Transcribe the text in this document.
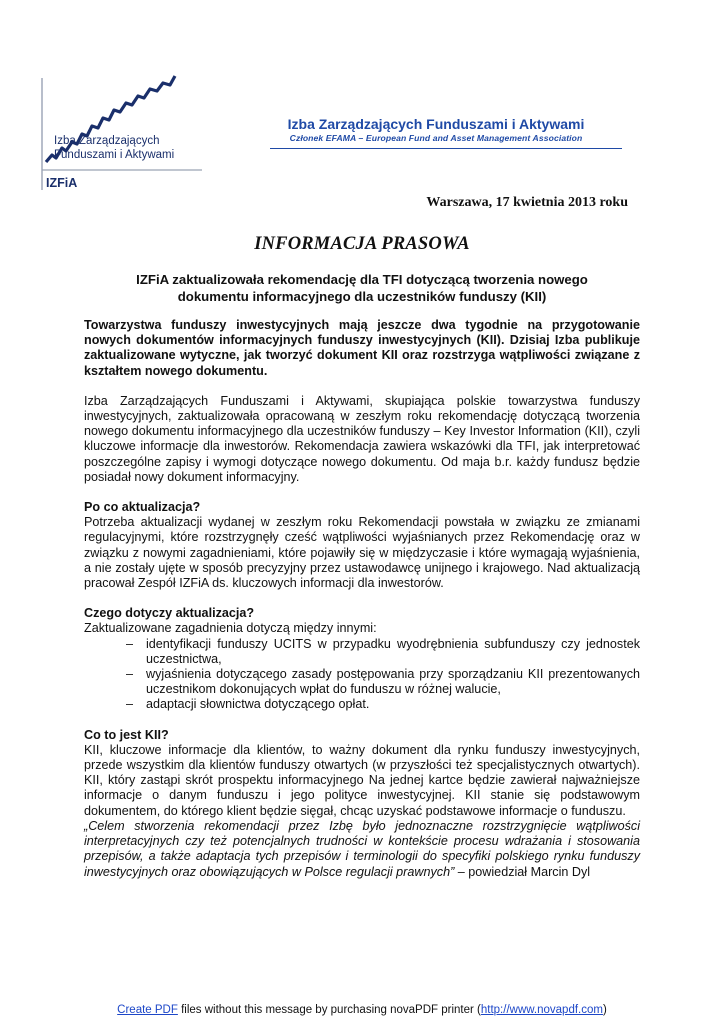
Izba Zarządzających
Funduszami i Aktywami
IZFiA
Izba Zarządzających Funduszami i Aktywami
Członek EFAMA – European Fund and Asset Management Association
Warszawa, 17 kwietnia 2013 roku
INFORMACJA PRASOWA
IZFiA zaktualizowała rekomendację dla TFI dotyczącą tworzenia nowego
dokumentu informacyjnego dla uczestników funduszy (KII)

Towarzystwa funduszy inwestycyjnych mają jeszcze dwa tygodnie na przygotowanie nowych dokumentów informacyjnych funduszy inwestycyjnych (KII). Dzisiaj Izba publikuje zaktualizowane wytyczne, jak tworzyć dokument KII oraz rozstrzyga wątpliwości związane z kształtem nowego dokumentu.

Izba Zarządzających Funduszami i Aktywami, skupiająca polskie towarzystwa funduszy inwestycyjnych, zaktualizowała opracowaną w zeszłym roku rekomendację dotyczącą tworzenia nowego dokumentu informacyjnego dla uczestników funduszy – Key Investor Information (KII), czyli kluczowe informacje dla inwestorów. Rekomendacja zawiera wskazówki dla TFI, jak interpretować poszczególne zapisy i wymogi dotyczące nowego dokumentu. Od maja b.r. każdy fundusz będzie posiadał nowy dokument informacyjny.

Po co aktualizacja?

Potrzeba aktualizacji wydanej w zeszłym roku Rekomendacji powstała w związku ze zmianami regulacyjnymi, które rozstrzygnęły cześć wątpliwości wyjaśnianych przez Rekomendację oraz w związku z nowymi zagadnieniami, które pojawiły się w międzyczasie i które wymagają wyjaśnienia, a nie zostały ujęte w sposób precyzyjny przez ustawodawcę unijnego i krajowego. Nad aktualizacją pracował Zespół IZFiA ds. kluczowych informacji dla inwestorów.

Czego dotyczy aktualizacja?

Zaktualizowane zagadnienia dotyczą między innymi:

– identyfikacji funduszy UCITS w przypadku wyodrębnienia subfunduszy czy jednostek uczestnictwa,
– wyjaśnienia dotyczącego zasady postępowania przy sporządzaniu KII prezentowanych uczestnikom dokonujących wpłat do funduszu w różnej walucie,
– adaptacji słownictwa dotyczącego opłat.

Co to jest KII?

KII, kluczowe informacje dla klientów, to ważny dokument dla rynku funduszy inwestycyjnych, przede wszystkim dla klientów funduszy otwartych (w przyszłości też specjalistycznych otwartych). KII, który zastąpi skrót prospektu informacyjnego Na jednej kartce będzie zawierał najważniejsze informacje o danym funduszu i jego polityce inwestycyjnej. KII stanie się podstawowym dokumentem, do którego klient będzie sięgał, chcąc uzyskać podstawowe informacje o funduszu.

„Celem stworzenia rekomendacji przez Izbę było jednoznaczne rozstrzygnięcie wątpliwości interpretacyjnych czy też potencjalnych trudności w kontekście procesu wdrażania i stosowania przepisów, a także adaptacja tych przepisów i terminologii do specyfiki polskiego rynku funduszy inwestycyjnych oraz obowiązujących w Polsce regulacji prawnych” – powiedział Marcin Dyl

Create PDF files without this message by purchasing novaPDF printer (http://www.novapdf.com)
